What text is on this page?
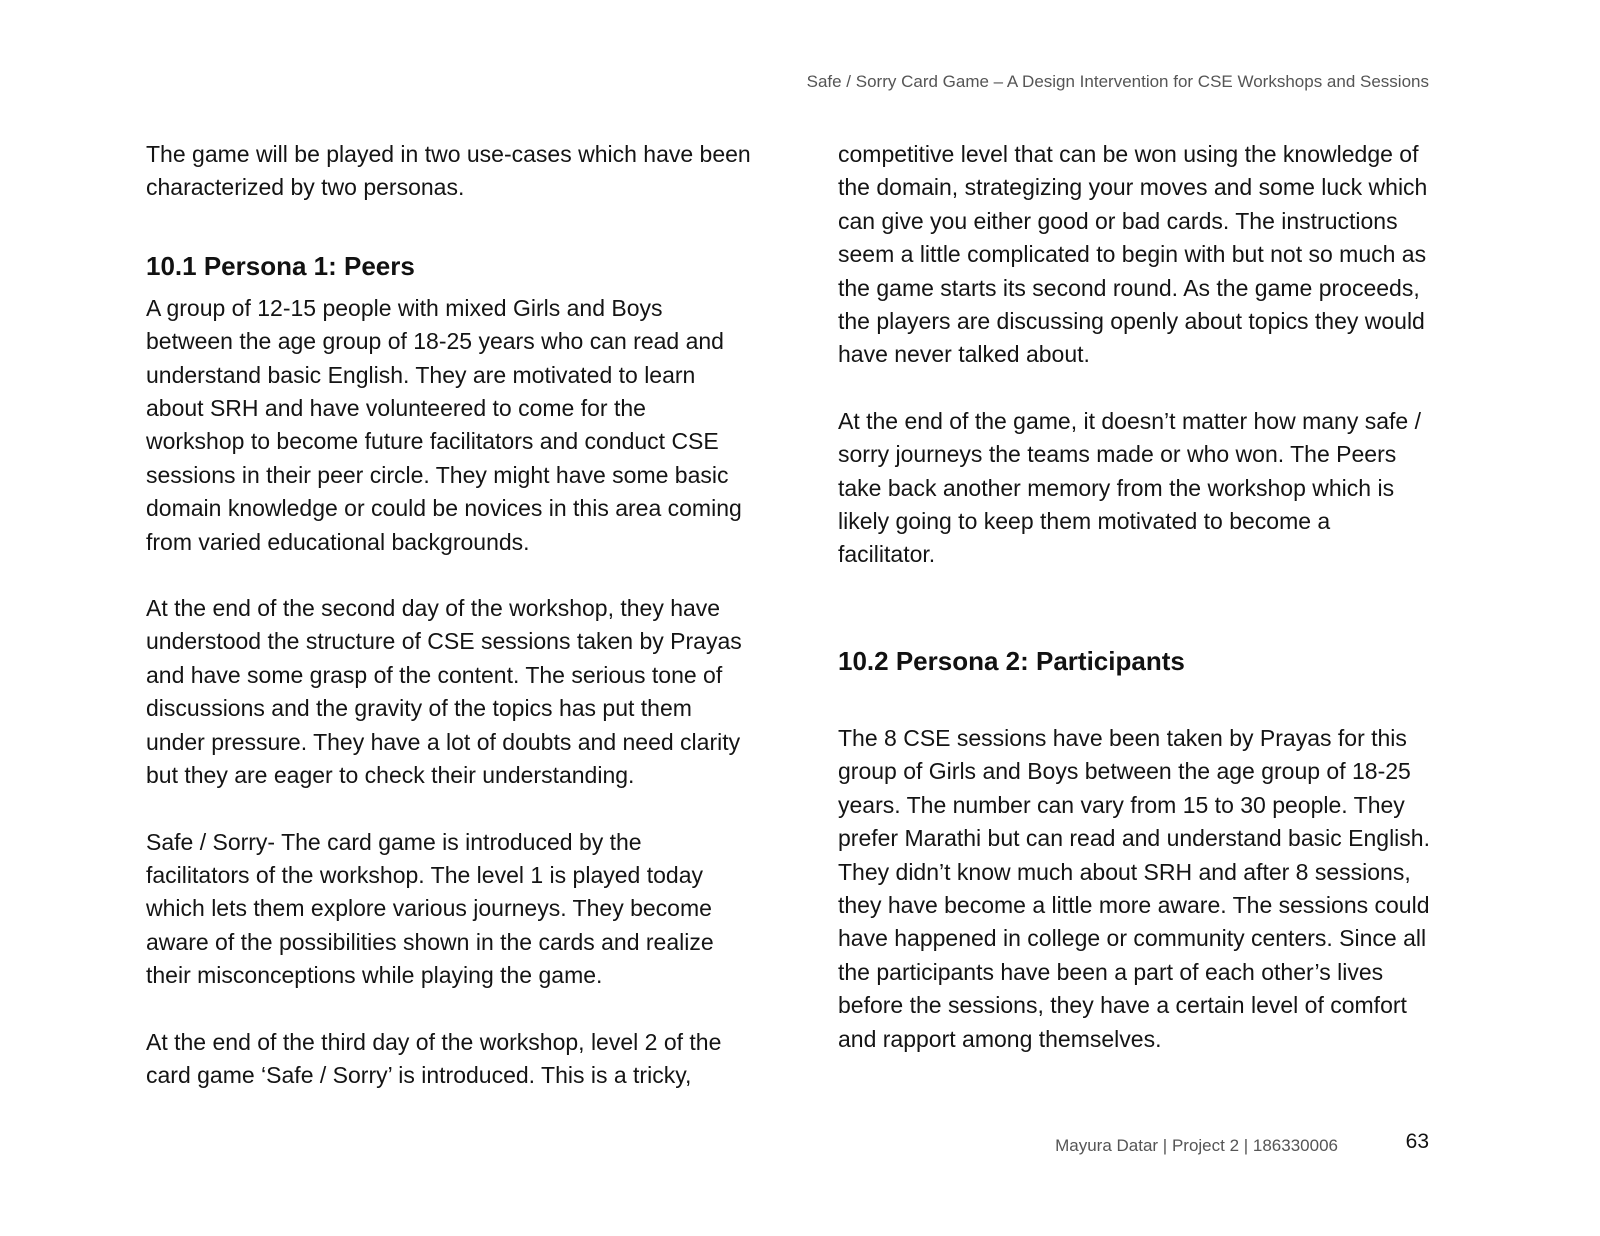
Safe / Sorry Card Game – A Design Intervention for CSE Workshops and Sessions

The game will be played in two use-cases which have been
characterized by two personas.

10.1 Persona 1: Peers

A group of 12-15 people with mixed Girls and Boys
between the age group of 18-25 years who can read and
understand basic English. They are motivated to learn
about SRH and have volunteered to come for the
workshop to become future facilitators and conduct CSE
sessions in their peer circle. They might have some basic
domain knowledge or could be novices in this area coming
from varied educational backgrounds.

At the end of the second day of the workshop, they have
understood the structure of CSE sessions taken by Prayas
and have some grasp of the content. The serious tone of
discussions and the gravity of the topics has put them
under pressure. They have a lot of doubts and need clarity
but they are eager to check their understanding.

Safe / Sorry- The card game is introduced by the
facilitators of the workshop. The level 1 is played today
which lets them explore various journeys. They become
aware of the possibilities shown in the cards and realize
their misconceptions while playing the game.

At the end of the third day of the workshop, level 2 of the
card game ‘Safe / Sorry’ is introduced. This is a tricky,

competitive level that can be won using the knowledge of
the domain, strategizing your moves and some luck which
can give you either good or bad cards. The instructions
seem a little complicated to begin with but not so much as
the game starts its second round. As the game proceeds,
the players are discussing openly about topics they would
have never talked about.

At the end of the game, it doesn’t matter how many safe /
sorry journeys the teams made or who won. The Peers
take back another memory from the workshop which is
likely going to keep them motivated to become a
facilitator.

10.2 Persona 2: Participants

The 8 CSE sessions have been taken by Prayas for this
group of Girls and Boys between the age group of 18-25
years. The number can vary from 15 to 30 people. They
prefer Marathi but can read and understand basic English.
They didn’t know much about SRH and after 8 sessions,
they have become a little more aware. The sessions could
have happened in college or community centers. Since all
the participants have been a part of each other’s lives
before the sessions, they have a certain level of comfort
and rapport among themselves.

Mayura Datar | Project 2 | 186330006	63
